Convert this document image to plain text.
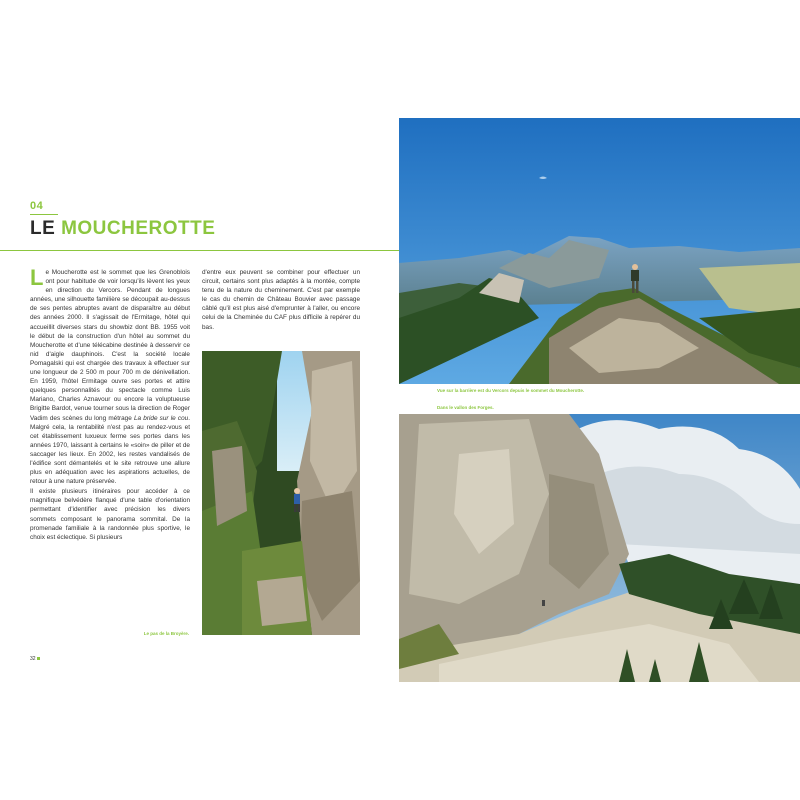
04
LE MOUCHEROTTE

Le Moucherotte est le sommet que les Grenoblois ont pour habitude de voir lorsqu'ils lèvent les yeux en direction du Vercors. Pendant de longues années, une silhouette familière se découpait au-dessus de ses pentes abruptes avant de disparaître au début des années 2000. Il s'agissait de l'Ermitage, hôtel qui accueillit diverses stars du showbiz dont BB. 1955 voit le début de la construction d'un hôtel au sommet du Moucherotte et d'une télécabine destinée à desservir ce nid d'aigle dauphinois. C'est la société locale Pomagalski qui est chargée des travaux à effectuer sur une longueur de 2 500 m pour 700 m de dénivellation. En 1959, l'hôtel Ermitage ouvre ses portes et attire quelques personnalités du spectacle comme Luis Mariano, Charles Aznavour ou encore la voluptueuse Brigitte Bardot, venue tourner sous la direction de Roger Vadim des scènes du long métrage La bride sur le cou. Malgré cela, la rentabilité n'est pas au rendez-vous et cet établissement luxueux ferme ses portes dans les années 1970, laissant à certains le «soin» de piller et de saccager les lieux. En 2002, les restes vandalisés de l'édifice sont démantelés et le site retrouve une allure plus en adéquation avec les aspirations actuelles, de retour à une nature préservée.

Il existe plusieurs itinéraires pour accéder à ce magnifique belvédère flanqué d'une table d'orientation permettant d'identifier avec précision les divers sommets composant le panorama sommital. De la promenade familiale à la randonnée plus sportive, le choix est éclectique. Si plusieurs

d'entre eux peuvent se combiner pour effectuer un circuit, certains sont plus adaptés à la montée, compte tenu de la nature du cheminement. C'est par exemple le cas du chemin de Château Bouvier avec passage câblé qu'il est plus aisé d'emprunter à l'aller, ou encore celui de la Cheminée du CAF plus difficile à repérer du bas.

Le pas de la Broyère.
32
Vue sur la barrière est du Vercors depuis le sommet du Moucherotte.
Dans le vallon des Forges.
